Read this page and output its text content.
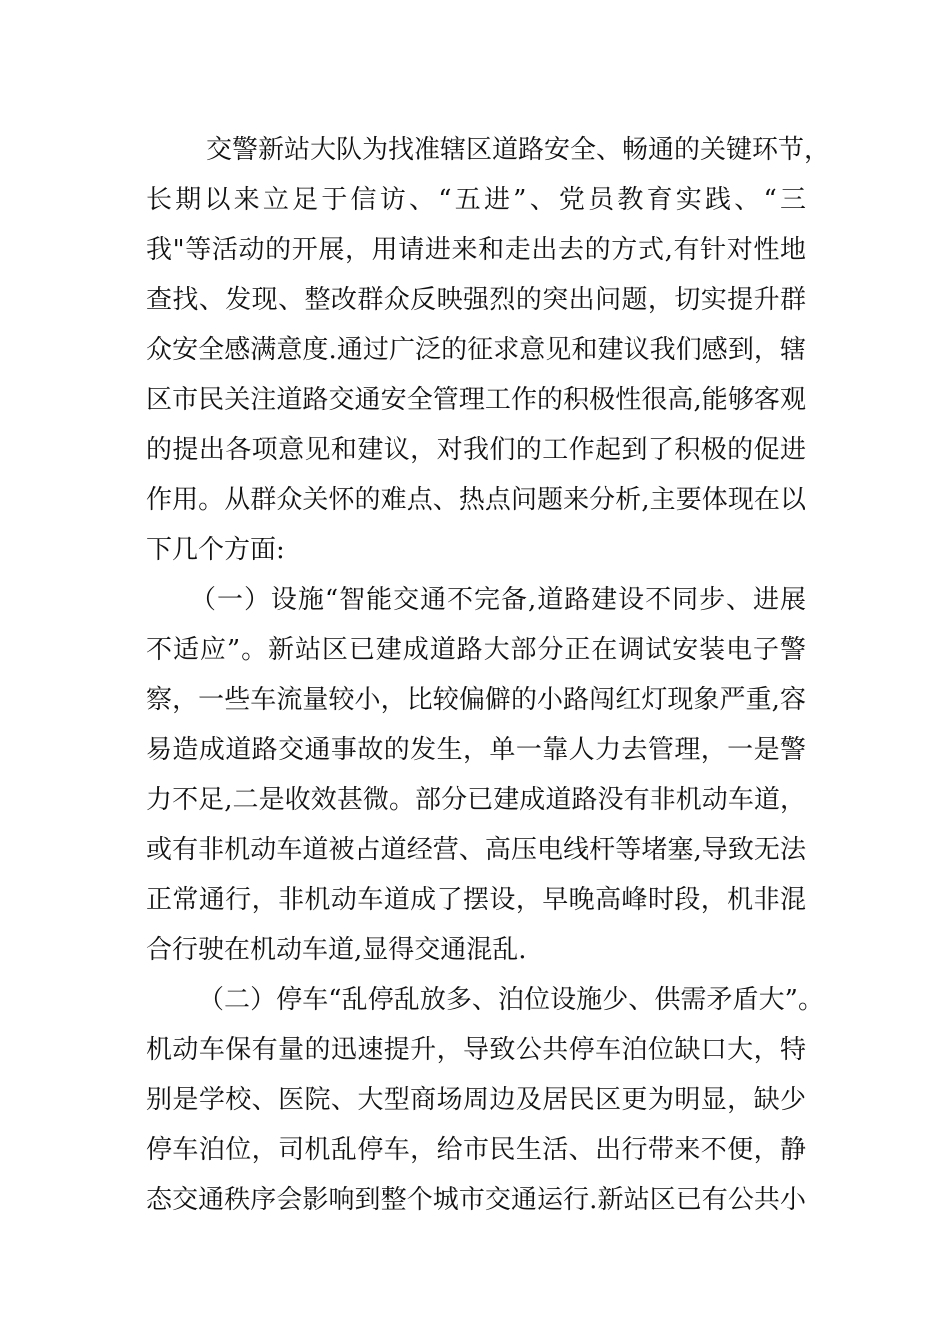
交警新站大队为找准辖区道路安全、畅通的关键环节，

长期以来立足于信访、“五进”、党员教育实践、“三

我"等活动的开展，用请进来和走出去的方式,有针对性地

查找、发现、整改群众反映强烈的突出问题，切实提升群

众安全感满意度.通过广泛的征求意见和建议我们感到，辖

区市民关注道路交通安全管理工作的积极性很高,能够客观

的提出各项意见和建议，对我们的工作起到了积极的促进

作用。从群众关怀的难点、热点问题来分析,主要体现在以

下几个方面:

（一）设施“智能交通不完备,道路建设不同步、进展

不适应”。新站区已建成道路大部分正在调试安装电子警

察，一些车流量较小，比较偏僻的小路闯红灯现象严重,容

易造成道路交通事故的发生，单一靠人力去管理，一是警

力不足,二是收效甚微。部分已建成道路没有非机动车道，

或有非机动车道被占道经营、高压电线杆等堵塞,导致无法

正常通行，非机动车道成了摆设，早晚高峰时段，机非混

合行驶在机动车道,显得交通混乱.

（二）停车“乱停乱放多、泊位设施少、供需矛盾大”。

机动车保有量的迅速提升，导致公共停车泊位缺口大，特

别是学校、医院、大型商场周边及居民区更为明显，缺少

停车泊位，司机乱停车，给市民生活、出行带来不便，静

态交通秩序会影响到整个城市交通运行.新站区已有公共小
